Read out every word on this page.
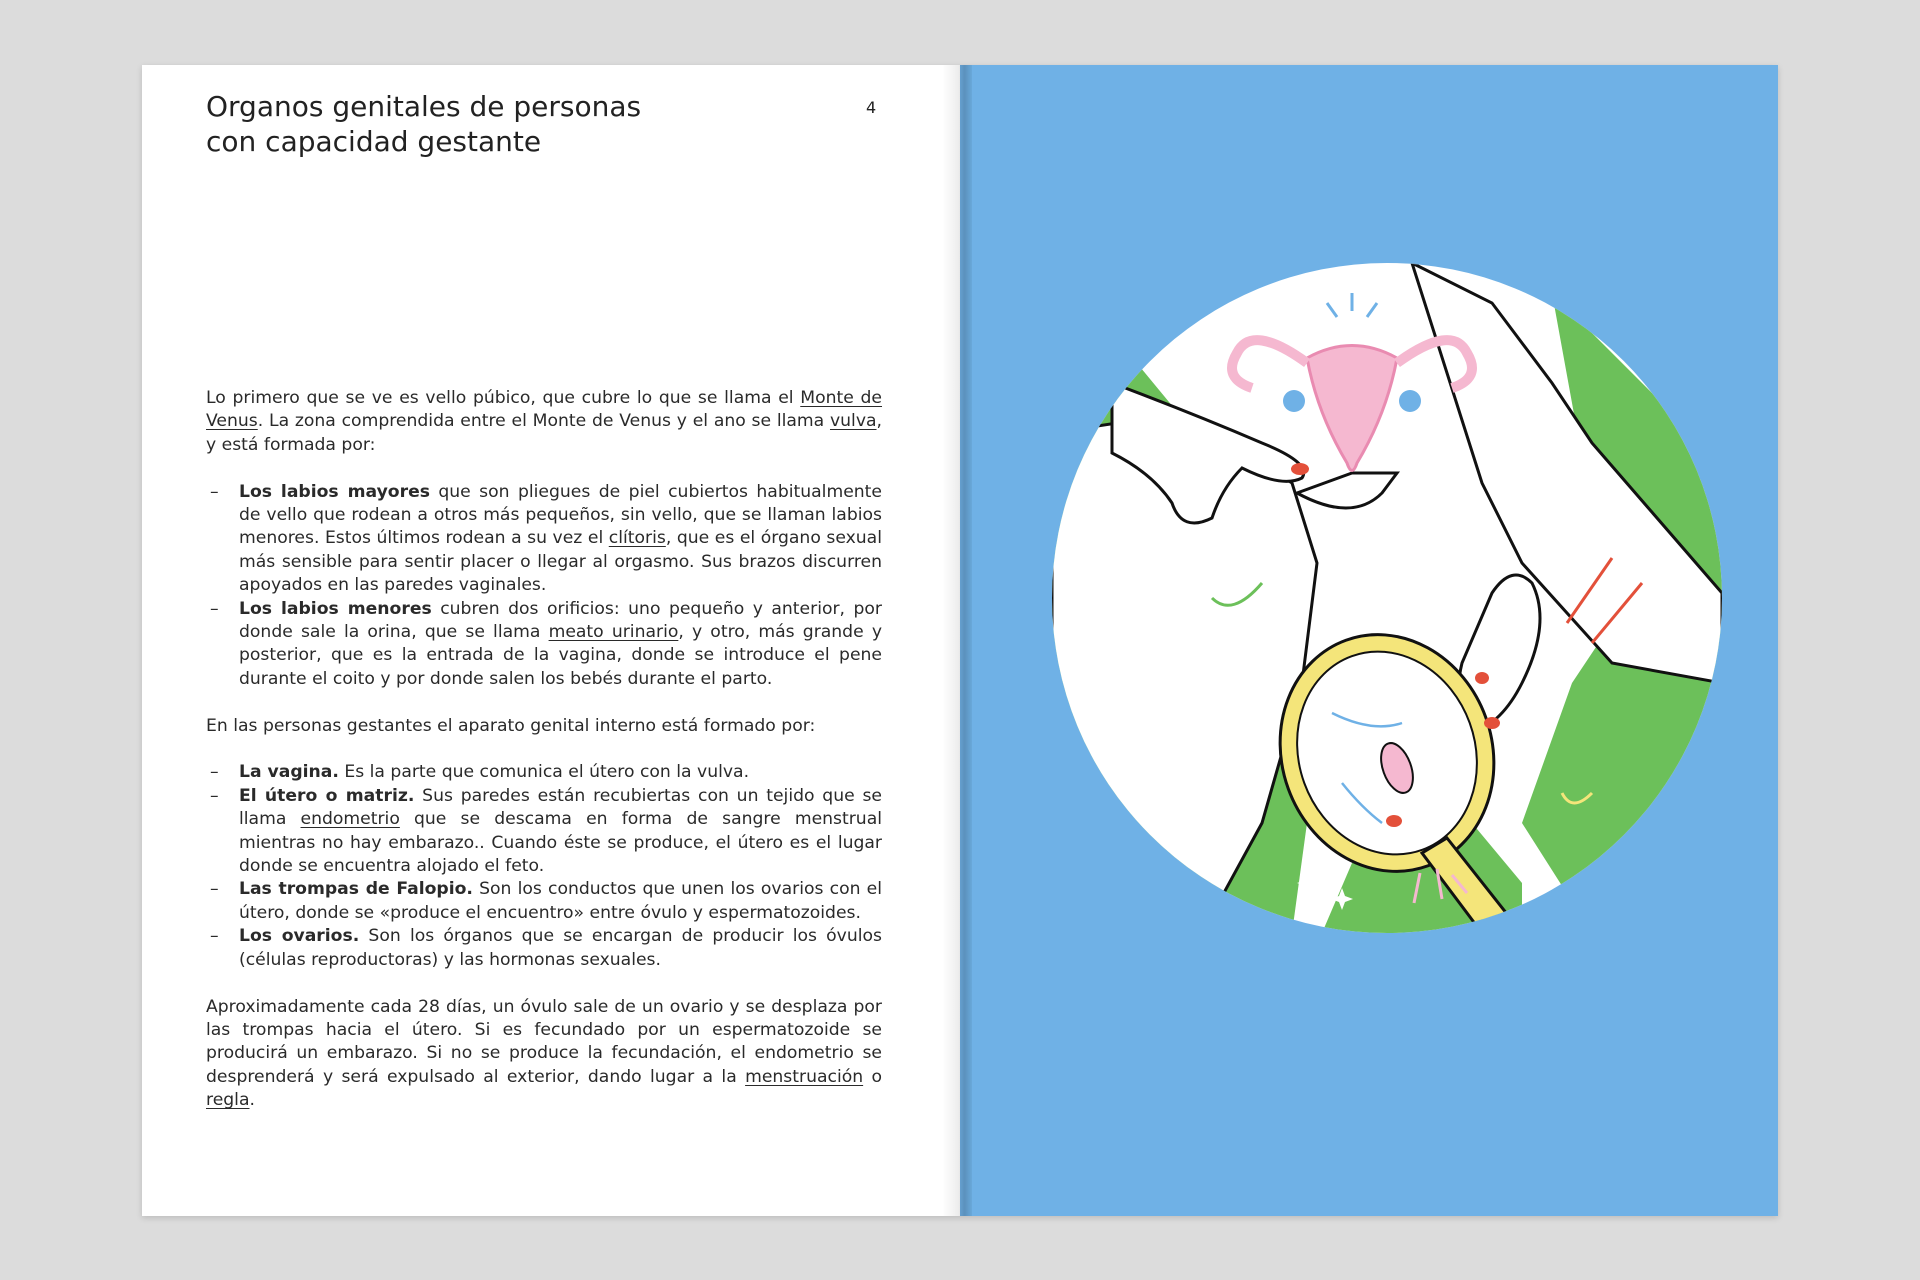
Organos genitales de personas
con capacidad gestante
4

Lo primero que se ve es vello púbico, que cubre lo que se llama el Monte de Venus. La zona comprendida entre el Monte de Venus y el ano se llama vulva, y está formada por:

– Los labios mayores que son pliegues de piel cubiertos habitualmente de vello que rodean a otros más pequeños, sin vello, que se llaman labios menores. Estos últimos rodean a su vez el clítoris, que es el órgano sexual más sensible para sentir placer o llegar al orgasmo. Sus brazos discurren apoyados en las paredes vaginales.
– Los labios menores cubren dos orificios: uno pequeño y anterior, por donde sale la orina, que se llama meato urinario, y otro, más grande y posterior, que es la entrada de la vagina, donde se introduce el pene durante el coito y por donde salen los bebés durante el parto.

En las personas gestantes el aparato genital interno está formado por:

– La vagina. Es la parte que comunica el útero con la vulva.
– El útero o matriz. Sus paredes están recubiertas con un tejido que se llama endometrio que se descama en forma de sangre menstrual mientras no hay embarazo.. Cuando éste se produce, el útero es el lugar donde se encuentra alojado el feto.
– Las trompas de Falopio. Son los conductos que unen los ovarios con el útero, donde se «produce el encuentro» entre óvulo y espermatozoides.
– Los ovarios. Son los órganos que se encargan de producir los óvulos (células reproductoras) y las hormonas sexuales.

Aproximadamente cada 28 días, un óvulo sale de un ovario y se desplaza por las trompas hacia el útero. Si es fecundado por un espermatozoide se producirá un embarazo. Si no se produce la fecundación, el endometrio se desprenderá y será expulsado al exterior, dando lugar a la menstruación o regla.
